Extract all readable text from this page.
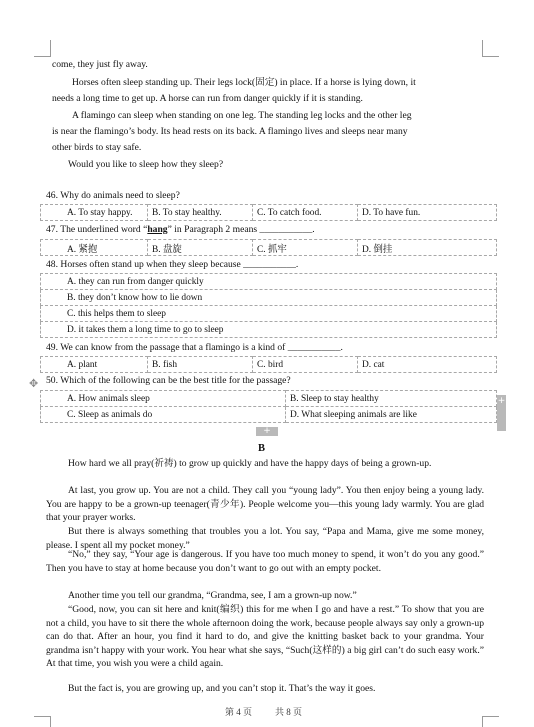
come, they just fly away.
Horses often sleep standing up. Their legs lock(固定) in place. If a horse is lying down, it
needs a long time to get up. A horse can run from danger quickly if it is standing.
A flamingo can sleep when standing on one leg. The standing leg locks and the other leg
is near the flamingo’s body. Its head rests on its back. A flamingo lives and sleeps near many
other birds to stay safe.
Would you like to sleep how they sleep?
46. Why do animals need to sleep?
A. To stay happy.	B. To stay healthy.	C. To catch food.	D. To have fun.
47. The underlined word “hang” in Paragraph 2 means ___________.
A. 紧抱	B. 盘旋	C. 抓牢	D. 倒挂
48. Horses often stand up when they sleep because ___________.
A. they can run from danger quickly
B. they don’t know how to lie down
C. this helps them to sleep
D. it takes them a long time to go to sleep
49. We can know from the passage that a flamingo is a kind of ___________.
A. plant	B. fish	C. bird	D. cat
✥ 50. Which of the following can be the best title for the passage?
A. How animals sleep	B. Sleep to stay healthy
C. Sleep as animals do	D. What sleeping animals are like
+
+
B
How hard we all pray(祈祷) to grow up quickly and have the happy days of being a grown-up.
At last, you grow up. You are not a child. They call you “young lady”. You then enjoy being a young lady. You are happy to be a grown-up teenager(青少年). People welcome you—this young lady warmly. You are glad that your prayer works.
But there is always something that troubles you a lot. You say, “Papa and Mama, give me some money, please. I spent all my pocket money.”
“No,” they say, “Your age is dangerous. If you have too much money to spend, it won’t do you any good.” Then you have to stay at home because you don’t want to go out with an empty pocket.
Another time you tell our grandma, “Grandma, see, I am a grown-up now.”
“Good, now, you can sit here and knit(编织) this for me when I go and have a rest.” To show that you are not a child, you have to sit there the whole afternoon doing the work, because people always say only a grown-up can do that. After an hour, you find it hard to do, and give the knitting basket back to your grandma. Your grandma isn’t happy with your work. You hear what she says, “Such(这样的) a big girl can’t do such easy work.” At that time, you wish you were a child again.
But the fact is, you are growing up, and you can’t stop it. That’s the way it goes.
第 4 页	共 8 页
